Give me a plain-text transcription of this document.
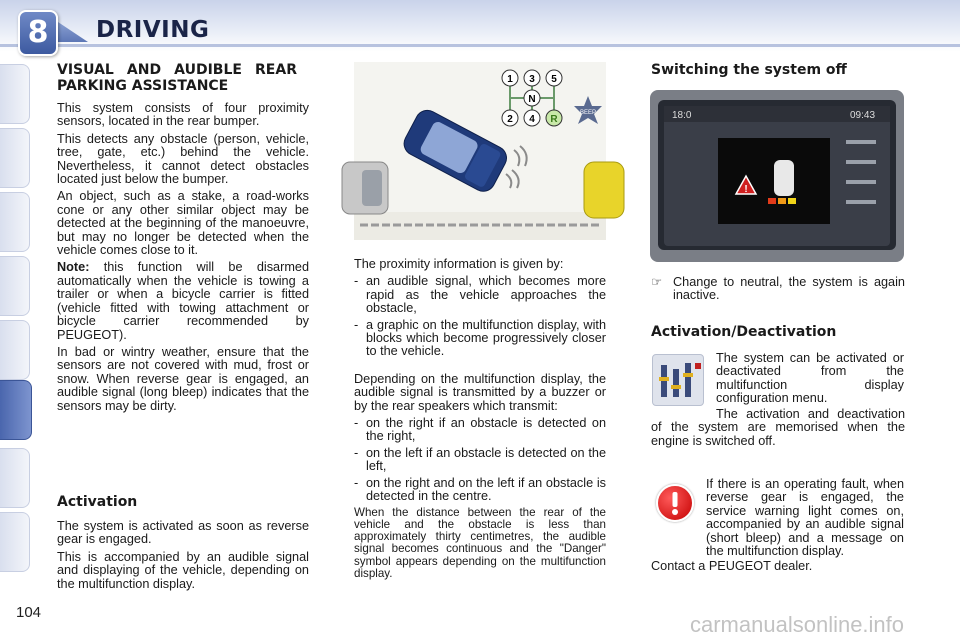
8	DRIVING
VISUAL AND AUDIBLE REAR PARKING ASSISTANCE

This system consists of four proximity sensors, located in the rear bumper.

This detects any obstacle (person, vehicle, tree, gate, etc.) behind the vehicle. Nevertheless, it cannot detect obstacles located just below the bumper.

An object, such as a stake, a road-works cone or any other similar object may be detected at the beginning of the manoeuvre, but may no longer be detected when the vehicle comes close to it.

Note: this function will be disarmed automatically when the vehicle is towing a trailer or when a bicycle carrier is fitted (vehicle fitted with towing attachment or bicycle carrier recommended by PEUGEOT).

In bad or wintry weather, ensure that the sensors are not covered with mud, frost or snow. When reverse gear is engaged, an audible signal (long bleep) indicates that the sensors may be dirty.

Activation

The system is activated as soon as reverse gear is engaged.

This is accompanied by an audible signal and displaying of the vehicle, depending on the multifunction display.

1 3 5
N
2 4 R
BEEP

The proximity information is given by:

- an audible signal, which becomes more rapid as the vehicle approaches the obstacle,
- a graphic on the multifunction display, with blocks which become progressively closer to the vehicle.

Depending on the multifunction display, the audible signal is transmitted by a buzzer or by the rear speakers which transmit:

- on the right if an obstacle is detected on the right,
- on the left if an obstacle is detected on the left,
- on the right and on the left if an obstacle is detected in the centre.

When the distance between the rear of the vehicle and the obstacle is less than approximately thirty centimetres, the audible signal becomes continuous and the "Danger" symbol appears depending on the multifunction display.

Switching the system off
18:0	09:43
!

☞ Change to neutral, the system is again inactive.

Activation/Deactivation

The system can be activated or deactivated from the multifunction display configuration menu.

The activation and deactivation of the system are memorised when the engine is switched off.

If there is an operating fault, when reverse gear is engaged, the service warning light comes on, accompanied by an audible signal (short bleep) and a message on the multifunction display.

Contact a PEUGEOT dealer.

104	carmanualsonline.info
